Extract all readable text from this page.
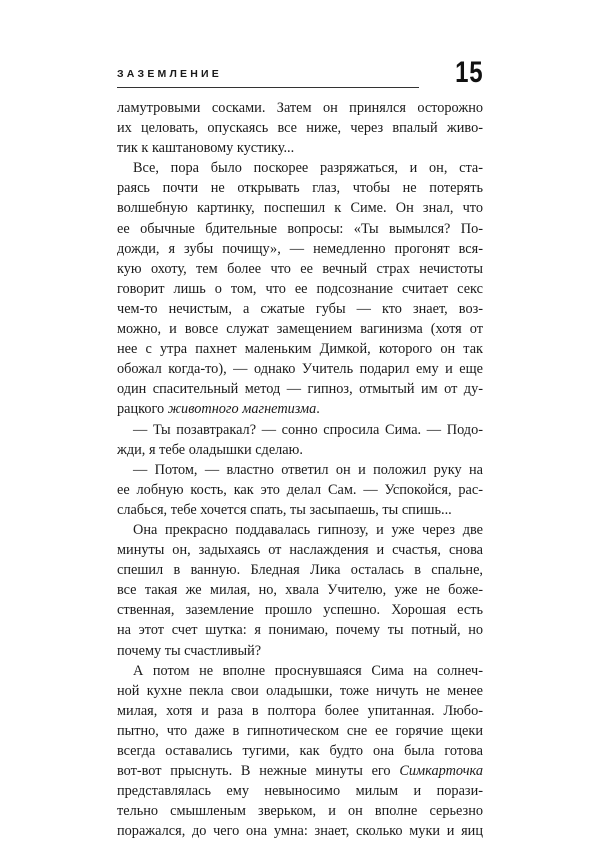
ЗАЗЕМЛЕНИЕ	15
ламутровыми сосками. Затем он принялся осторожно
их целовать, опускаясь все ниже, через впалый живо-
тик к каштановому кустику...
Все, пора было поскорее разряжаться, и он, ста-
раясь почти не открывать глаз, чтобы не потерять
волшебную картинку, поспешил к Симе. Он знал, что
ее обычные бдительные вопросы: «Ты вымылся? По-
дожди, я зубы почищу», — немедленно прогонят вся-
кую охоту, тем более что ее вечный страх нечистоты
говорит лишь о том, что ее подсознание считает секс
чем-то нечистым, а сжатые губы — кто знает, воз-
можно, и вовсе служат замещением вагинизма (хотя от
нее с утра пахнет маленьким Димкой, которого он так
обожал когда-то), — однако Учитель подарил ему и еще
один спасительный метод — гипноз, отмытый им от ду-
рацкого животного магнетизма.
— Ты позавтракал? — сонно спросила Сима. — Подо-
жди, я тебе оладышки сделаю.
— Потом, — властно ответил он и положил руку на
ее лобную кость, как это делал Сам. — Успокойся, рас-
слабься, тебе хочется спать, ты засыпаешь, ты спишь...
Она прекрасно поддавалась гипнозу, и уже через две
минуты он, задыхаясь от наслаждения и счастья, снова
спешил в ванную. Бледная Лика осталась в спальне,
все такая же милая, но, хвала Учителю, уже не боже-
ственная, заземление прошло успешно. Хорошая есть
на этот счет шутка: я понимаю, почему ты потный, но
почему ты счастливый?
А потом не вполне проснувшаяся Сима на солнеч-
ной кухне пекла свои оладышки, тоже ничуть не менее
милая, хотя и раза в полтора более упитанная. Любо-
пытно, что даже в гипнотическом сне ее горячие щеки
всегда оставались тугими, как будто она была готова
вот-вот прыснуть. В нежные минуты его Симкарточка
представлялась ему невыносимо милым и порази-
тельно смышленым зверьком, и он вполне серьезно
поражался, до чего она умна: знает, сколько муки и яиц
